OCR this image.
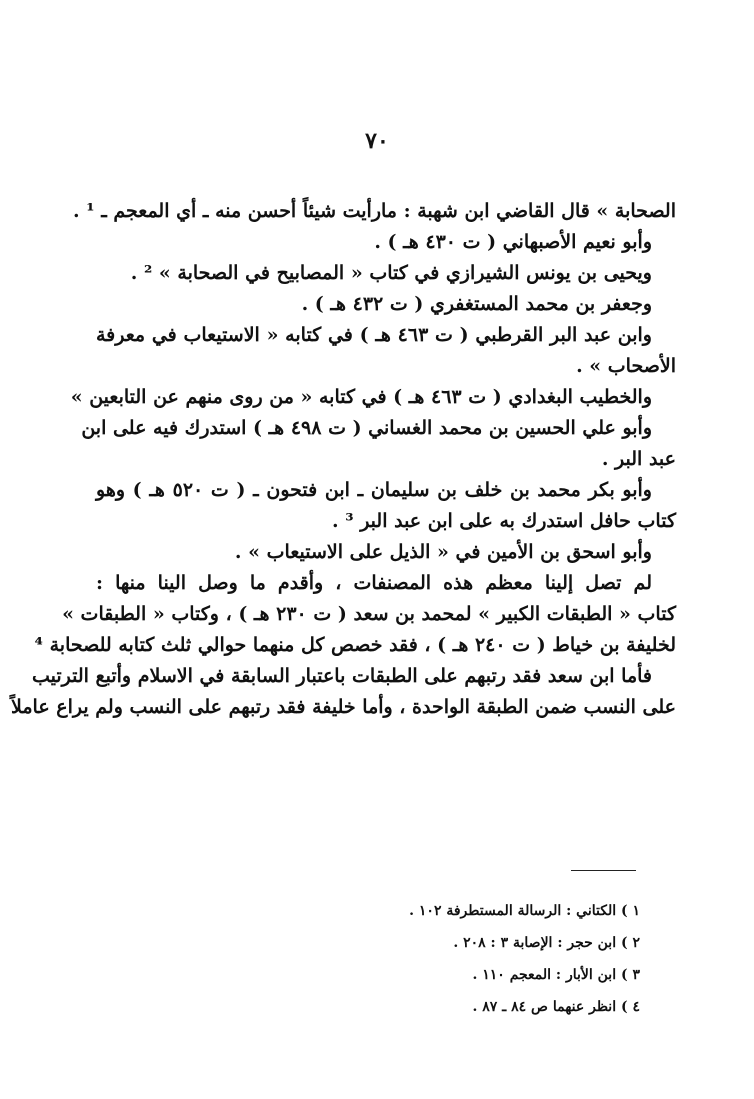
٧٠
الصحابة » قال القاضي ابن شهبة : مارأيت شيئاً أحسن منه ـ أي المعجم ـ ¹ .
وأبو نعيم الأصبهاني ( ت ٤٣٠ هـ ) .
ويحيى بن يونس الشيرازي في كتاب « المصابيح في الصحابة » ² .
وجعفر بن محمد المستغفري ( ت ٤٣٢ هـ ) .
وابن عبد البر القرطبي ( ت ٤٦٣ هـ ) في كتابه « الاستيعاب في معرفة
الأصحاب » .
والخطيب البغدادي ( ت ٤٦٣ هـ ) في كتابه « من روى منهم عن التابعين »
وأبو علي الحسين بن محمد الغساني ( ت ٤٩٨ هـ ) استدرك فيه على ابن
عبد البر .
وأبو بكر محمد بن خلف بن سليمان ـ ابن فتحون ـ ( ت ٥٢٠ هـ ) وهو
كتاب حافل استدرك به على ابن عبد البر ³ .
وأبو اسحق بن الأمين في « الذيل على الاستيعاب » .
لم تصل إلينا معظم هذه المصنفات ، وأقدم ما وصل الينا منها :
كتاب « الطبقات الكبير » لمحمد بن سعد ( ت ٢٣٠ هـ ) ، وكتاب « الطبقات »
لخليفة بن خياط ( ت ٢٤٠ هـ ) ، فقد خصص كل منهما حوالي ثلث كتابه للصحابة ⁴
فأما ابن سعد فقد رتبهم على الطبقات باعتبار السابقة في الاسلام وأتبع الترتيب
على النسب ضمن الطبقة الواحدة ، وأما خليفة فقد رتبهم على النسب ولم يراع عاملاً
١ ) الكتاني : الرسالة المستطرفة ١٠٢ .
٢ ) ابن حجر : الإصابة ٣ : ٢٠٨ .
٣ ) ابن الأبار : المعجم ١١٠ .
٤ ) انظر عنهما ص ٨٤ ـ ٨٧ .
